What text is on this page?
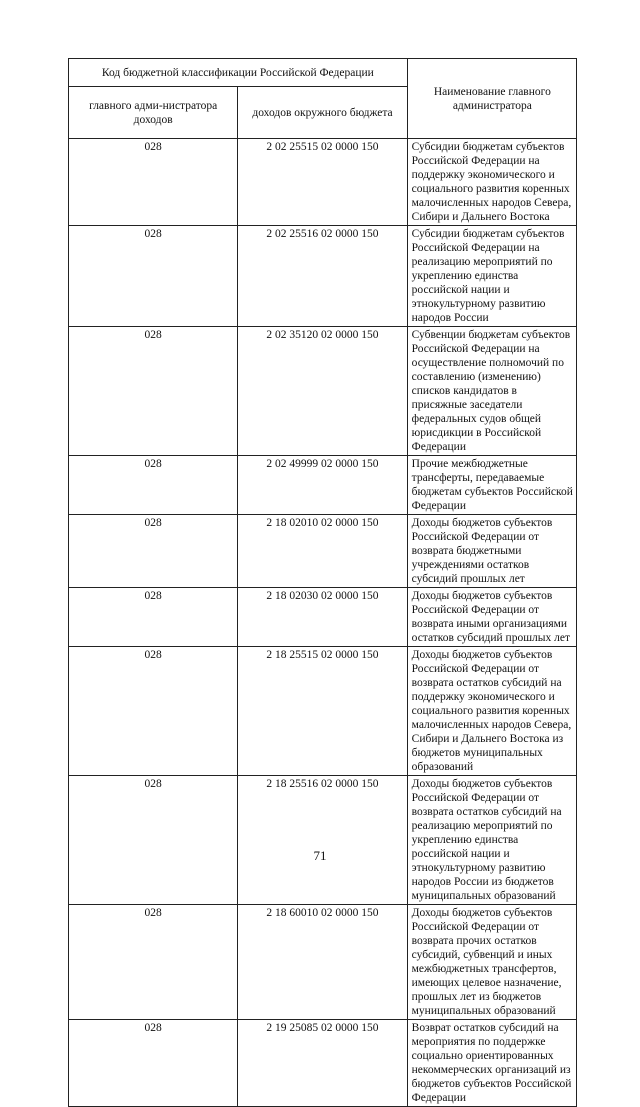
Код бюджетной классификации Российской Федерации		Наименование главного администратора
главного адми-нистратора доходов	доходов окружного бюджета	
028	2 02 25515 02 0000 150	Субсидии бюджетам субъектов Российской Федерации на поддержку экономического и социального развития коренных малочисленных народов Севера, Сибири и Дальнего Востока
028	2 02 25516 02 0000 150	Субсидии бюджетам субъектов Российской Федерации на реализацию мероприятий по укреплению единства российской нации и этнокультурному развитию народов России
028	2 02 35120 02 0000 150	Субвенции бюджетам субъектов Российской Федерации на осуществление полномочий по составлению (изменению) списков кандидатов в присяжные заседатели федеральных судов общей юрисдикции в Российской Федерации
028	2 02 49999 02 0000 150	Прочие межбюджетные трансферты, передаваемые бюджетам субъектов Российской Федерации
028	2 18 02010 02 0000 150	Доходы бюджетов субъектов Российской Федерации от возврата бюджетными учреждениями остатков субсидий прошлых лет
028	2 18 02030 02 0000 150	Доходы бюджетов субъектов Российской Федерации от возврата иными организациями остатков субсидий прошлых лет
028	2 18 25515 02 0000 150	Доходы бюджетов субъектов Российской Федерации от возврата остатков субсидий на поддержку экономического и социального развития коренных малочисленных народов Севера, Сибири и Дальнего Востока из бюджетов муниципальных образований
028	2 18 25516 02 0000 150	Доходы бюджетов субъектов Российской Федерации от возврата остатков субсидий на реализацию мероприятий по укреплению единства российской нации и этнокультурному развитию народов России из бюджетов муниципальных образований
028	2 18 60010 02 0000 150	Доходы бюджетов субъектов Российской Федерации от возврата прочих остатков субсидий, субвенций и иных межбюджетных трансфертов, имеющих целевое назначение, прошлых лет из бюджетов муниципальных образований
028	2 19 25085 02 0000 150	Возврат остатков субсидий на мероприятия по поддержке социально ориентированных некоммерческих организаций из бюджетов субъектов Российской Федерации
71
